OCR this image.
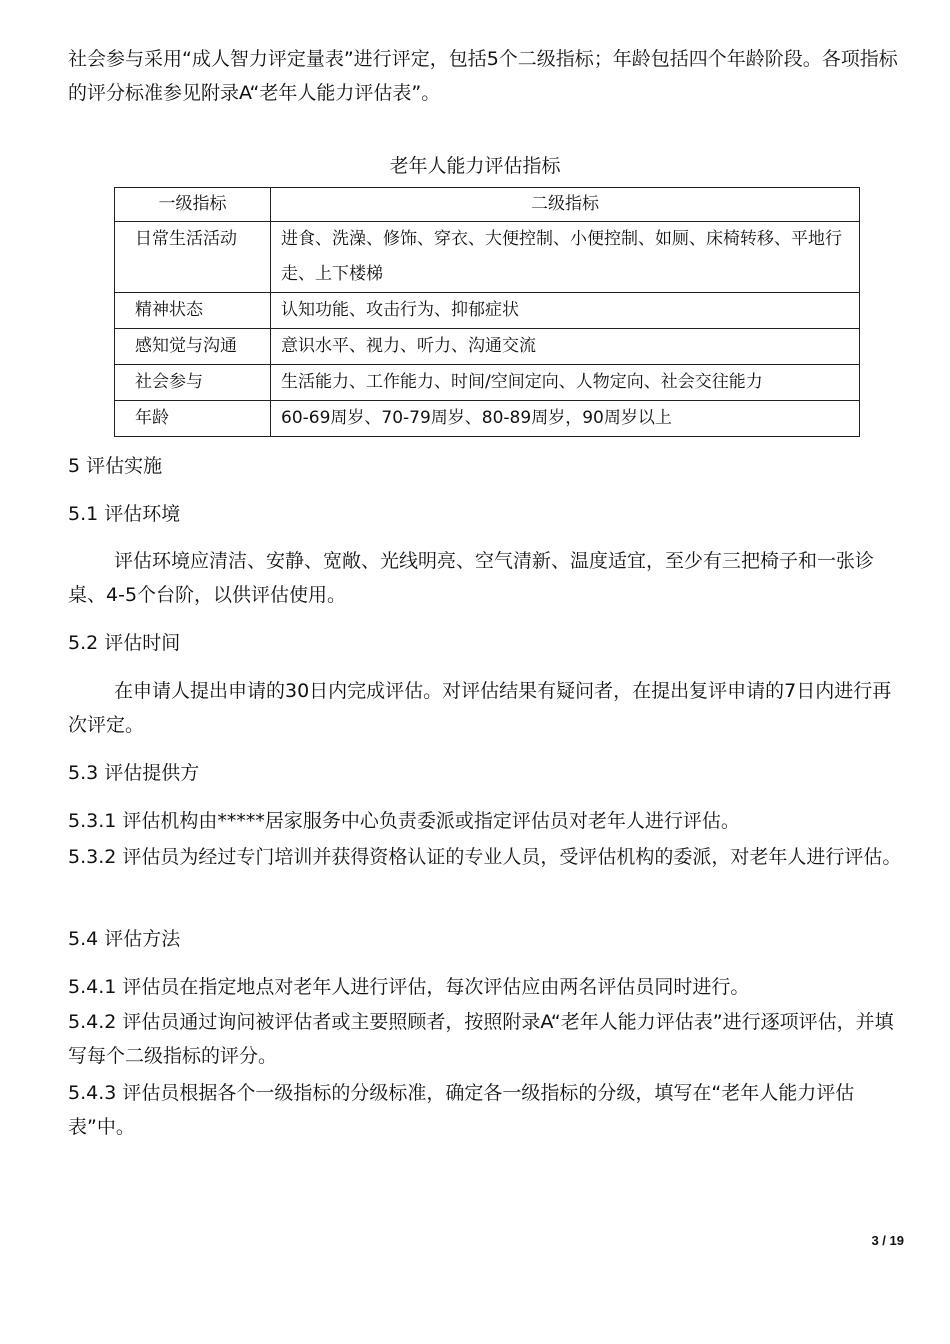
社会参与采用“成人智力评定量表”进行评定，包括5个二级指标；年龄包括四个年龄阶段。各项指标的评分标准参见附录A“老年人能力评估表”。

老年人能力评估指标
一级指标	二级指标
日常生活活动	进食、洗澡、修饰、穿衣、大便控制、小便控制、如厕、床椅转移、平地行走、上下楼梯
精神状态	认知功能、攻击行为、抑郁症状
感知觉与沟通	意识水平、视力、听力、沟通交流
社会参与	生活能力、工作能力、时间/空间定向、人物定向、社会交往能力
年龄	60-69周岁、70-79周岁、80-89周岁，90周岁以上
5 评估实施
5.1 评估环境

评估环境应清洁、安静、宽敞、光线明亮、空气清新、温度适宜，至少有三把椅子和一张诊桌、4-5个台阶，以供评估使用。

5.2 评估时间

在申请人提出申请的30日内完成评估。对评估结果有疑问者，在提出复评申请的7日内进行再次评定。

5.3 评估提供方

5.3.1 评估机构由*****居家服务中心负责委派或指定评估员对老年人进行评估。

5.3.2 评估员为经过专门培训并获得资格认证的专业人员，受评估机构的委派，对老年人进行评估。

5.4 评估方法

5.4.1 评估员在指定地点对老年人进行评估，每次评估应由两名评估员同时进行。

5.4.2 评估员通过询问被评估者或主要照顾者，按照附录A“老年人能力评估表”进行逐项评估，并填写每个二级指标的评分。

5.4.3 评估员根据各个一级指标的分级标准，确定各一级指标的分级，填写在“老年人能力评估表”中。

3 / 19
